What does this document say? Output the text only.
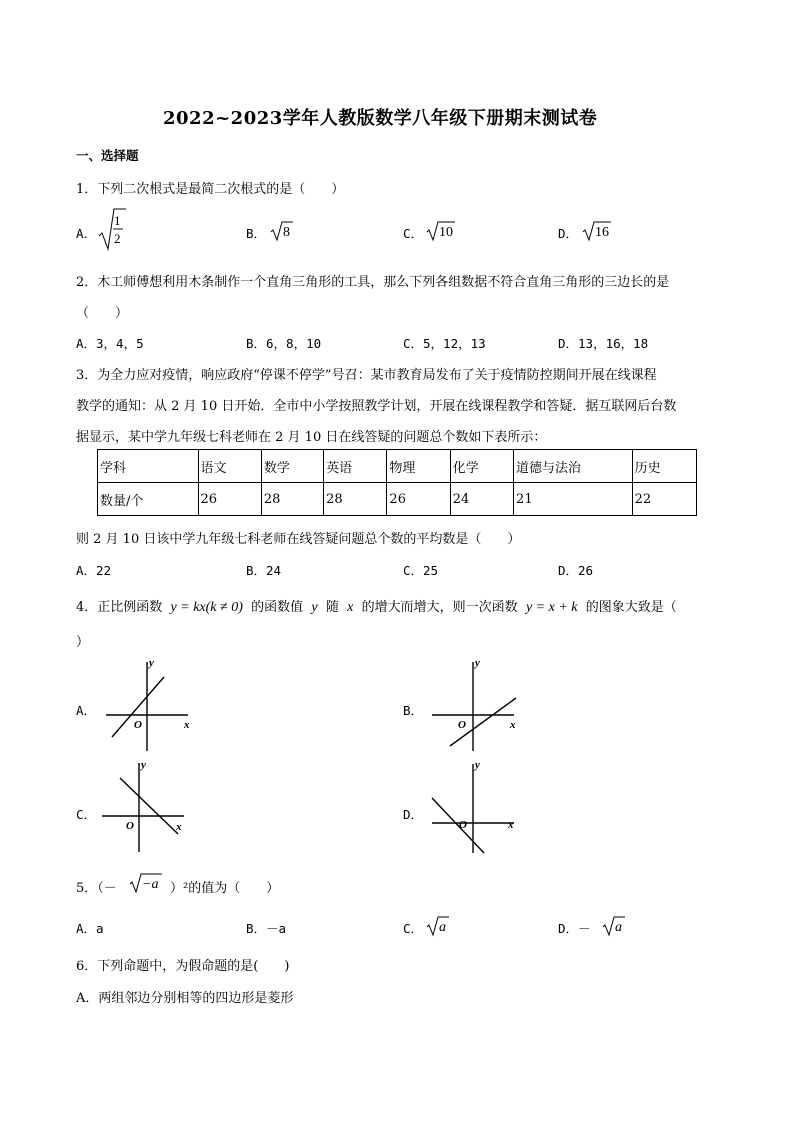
2022~2023学年人教版数学八年级下册期末测试卷
一、选择题
1．下列二次根式是最简二次根式的是（　　）
A．
1
2	B． 8	C． 10	D． 16
2．木工师傅想利用木条制作一个直角三角形的工具，那么下列各组数据不符合直角三角形的三边长的是
（　　）
A．3，4，5	B．6，8，10	C．5，12，13	D．13，16，18
3．为全力应对疫情，响应政府“停课不停学”号召：某市教育局发布了关于疫情防控期间开展在线课程
教学的通知：从 2 月 10 日开始．全市中小学按照教学计划，开展在线课程教学和答疑．据互联网后台数
据显示，某中学九年级七科老师在 2 月 10 日在线答疑的问题总个数如下表所示：
学科	语文	数学	英语	物理	化学	道德与法治	历史
数量/个	26	28	28	26	24	21	22
则 2 月 10 日该中学九年级七科老师在线答疑问题总个数的平均数是（　　）
A．22	B．24	C．25	D．26
4．正比例函数 y = kx(k ≠ 0) 的函数值 y 随 x 的增大而增大，则一次函数 y = x + k 的图象大致是（
）
A．
x
y
O
B．
x
y
O
C．
x
y
O
D．
x
y
O
5．（－ −a ）²的值为（　　）
A．a	B．－a	C． a	D．－ a
6．下列命题中，为假命题的是(　　)
A．两组邻边分别相等的四边形是菱形
